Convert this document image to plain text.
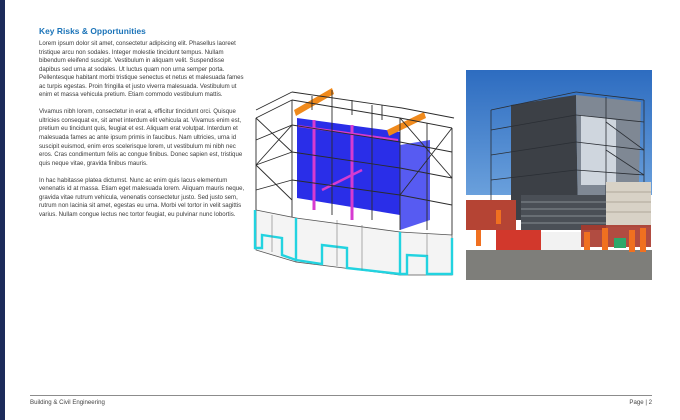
Key Risks & Opportunities

Lorem ipsum dolor sit amet, consectetur adipiscing elit. Phasellus laoreet tristique arcu non sodales. Integer molestie tincidunt tempus. Nullam bibendum eleifend suscipit. Vestibulum in aliquam velit. Suspendisse dapibus sed urna at sodales. Ut luctus quam non urna semper porta. Pellentesque habitant morbi tristique senectus et netus et malesuada fames ac turpis egestas. Proin fringilla et justo viverra malesuada. Vestibulum ut enim et massa vehicula pretium. Etiam commodo vestibulum mattis.

Vivamus nibh lorem, consectetur in erat a, efficitur tincidunt orci. Quisque ultricies consequat ex, sit amet interdum elit vehicula at. Vivamus enim est, pretium eu tincidunt quis, feugiat et est. Aliquam erat volutpat. Interdum et malesuada fames ac ante ipsum primis in faucibus. Nam ultricies, urna id suscipit euismod, enim eros scelerisque lorem, ut vestibulum mi nibh nec eros. Cras condimentum felis ac congue finibus. Donec sapien est, tristique quis neque vitae, gravida finibus mauris.

In hac habitasse platea dictumst. Nunc ac enim quis lacus elementum venenatis id at massa. Etiam eget malesuada lorem. Aliquam mauris neque, gravida vitae rutrum vehicula, venenatis consectetur justo. Sed justo sem, rutrum non lacinia sit amet, egestas eu urna. Morbi vel tortor in velit sagittis varius. Nullam congue lectus nec tortor feugiat, eu pulvinar nunc lobortis.

Building & Civil Engineering	Page | 2
